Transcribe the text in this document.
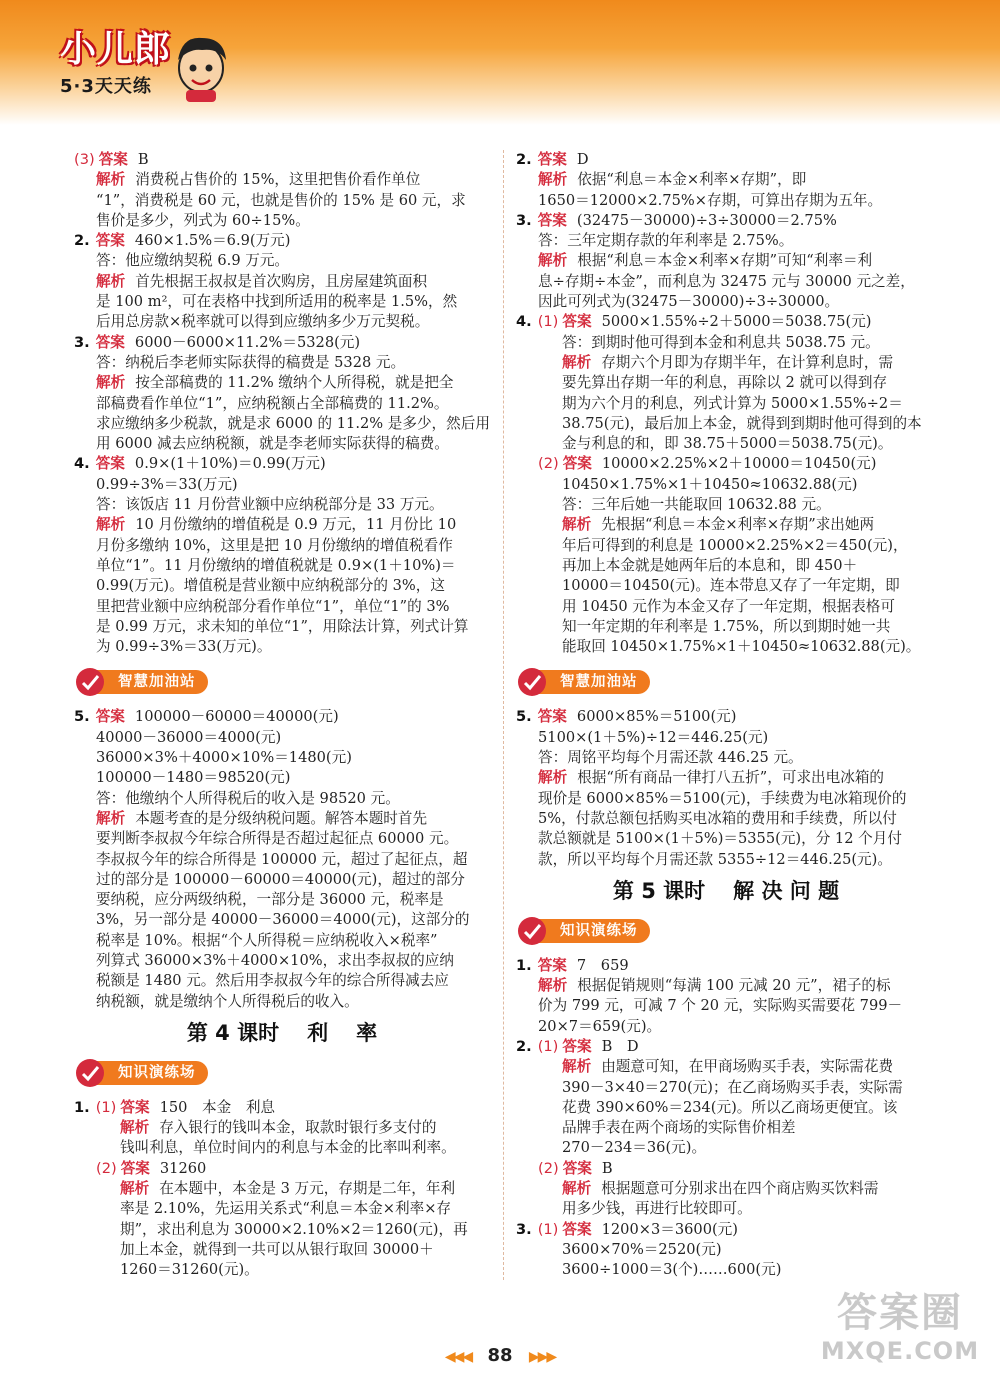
小儿郎
5·3天天练
(3) 答案 B
解析 消费税占售价的 15%，这里把售价看作单位
“1”，消费税是 60 元，也就是售价的 15% 是 60 元，求
售价是多少，列式为 60÷15%。
2. 答案 460×1.5%＝6.9(万元)
答：他应缴纳契税 6.9 万元。
解析 首先根据王叔叔是首次购房，且房屋建筑面积
是 100 m²，可在表格中找到所适用的税率是 1.5%，然
后用总房款×税率就可以得到应缴纳多少万元契税。
3. 答案 6000－6000×11.2%＝5328(元)
答：纳税后李老师实际获得的稿费是 5328 元。
解析 按全部稿费的 11.2% 缴纳个人所得税，就是把全
部稿费看作单位“1”，应纳税额占全部稿费的 11.2%。
求应缴纳多少税款，就是求 6000 的 11.2% 是多少，然后用
用 6000 减去应纳税额，就是李老师实际获得的稿费。
4. 答案 0.9×(1＋10%)＝0.99(万元)
0.99÷3%＝33(万元)
答：该饭店 11 月份营业额中应纳税部分是 33 万元。
解析 10 月份缴纳的增值税是 0.9 万元，11 月份比 10
月份多缴纳 10%，这里是把 10 月份缴纳的增值税看作
单位“1”。11 月份缴纳的增值税就是 0.9×(1＋10%)＝
0.99(万元)。增值税是营业额中应纳税部分的 3%，这
里把营业额中应纳税部分看作单位“1”，单位“1”的 3%
是 0.99 万元，求未知的单位“1”，用除法计算，列式计算
为 0.99÷3%＝33(万元)。
智慧加油站
5. 答案 100000－60000＝40000(元)
40000－36000＝4000(元)
36000×3%＋4000×10%＝1480(元)
100000－1480＝98520(元)
答：他缴纳个人所得税后的收入是 98520 元。
解析 本题考查的是分级纳税问题。解答本题时首先
要判断李叔叔今年综合所得是否超过起征点 60000 元。
李叔叔今年的综合所得是 100000 元，超过了起征点，超
过的部分是 100000－60000＝40000(元)，超过的部分
要纳税，应分两级纳税，一部分是 36000 元，税率是
3%，另一部分是 40000－36000＝4000(元)，这部分的
税率是 10%。根据“个人所得税＝应纳税收入×税率”
列算式 36000×3%＋4000×10%，求出李叔叔的应纳
税额是 1480 元。然后用李叔叔今年的综合所得减去应
纳税额，就是缴纳个人所得税后的收入。
第 4 课时 利 率
知识演练场
1. (1) 答案 150　本金　利息
解析 存入银行的钱叫本金，取款时银行多支付的
钱叫利息，单位时间内的利息与本金的比率叫利率。
(2) 答案 31260
解析 在本题中，本金是 3 万元，存期是二年，年利
率是 2.10%，先运用关系式“利息＝本金×利率×存
期”，求出利息为 30000×2.10%×2＝1260(元)，再
加上本金，就得到一共可以从银行取回 30000＋
1260＝31260(元)。
2. 答案 D
解析 依据“利息＝本金×利率×存期”，即
1650＝12000×2.75%×存期，可算出存期为五年。
3. 答案 (32475－30000)÷3÷30000＝2.75%
答：三年定期存款的年利率是 2.75%。
解析 根据“利息＝本金×利率×存期”可知“利率＝利
息÷存期÷本金”，而利息为 32475 元与 30000 元之差，
因此可列式为(32475－30000)÷3÷30000。
4. (1) 答案 5000×1.55%÷2＋5000＝5038.75(元)
答：到期时他可得到本金和利息共 5038.75 元。
解析 存期六个月即为存期半年，在计算利息时，需
要先算出存期一年的利息，再除以 2 就可以得到存
期为六个月的利息，列式计算为 5000×1.55%÷2＝
38.75(元)，最后加上本金，就得到到期时他可得到的本
金与利息的和，即 38.75＋5000＝5038.75(元)。
(2) 答案 10000×2.25%×2＋10000＝10450(元)
10450×1.75%×1＋10450≈10632.88(元)
答：三年后她一共能取回 10632.88 元。
解析 先根据“利息＝本金×利率×存期”求出她两
年后可得到的利息是 10000×2.25%×2＝450(元)，
再加上本金就是她两年后的本息和，即 450＋
10000＝10450(元)。连本带息又存了一年定期，即
用 10450 元作为本金又存了一年定期，根据表格可
知一年定期的年利率是 1.75%，所以到期时她一共
能取回 10450×1.75%×1＋10450≈10632.88(元)。
智慧加油站
5. 答案 6000×85%＝5100(元)
5100×(1＋5%)÷12＝446.25(元)
答：周铭平均每个月需还款 446.25 元。
解析 根据“所有商品一律打八五折”，可求出电冰箱的
现价是 6000×85%＝5100(元)，手续费为电冰箱现价的
5%，付款总额包括购买电冰箱的费用和手续费，所以付
款总额就是 5100×(1＋5%)＝5355(元)，分 12 个月付
款，所以平均每个月需还款 5355÷12＝446.25(元)。
第 5 课时 解 决 问 题
知识演练场
1. 答案 7　659
解析 根据促销规则“每满 100 元减 20 元”，裙子的标
价为 799 元，可减 7 个 20 元，实际购买需要花 799－
20×7＝659(元)。
2. (1) 答案 B　D
解析 由题意可知，在甲商场购买手表，实际需花费
390－3×40＝270(元)；在乙商场购买手表，实际需
花费 390×60%＝234(元)。所以乙商场更便宜。该
品牌手表在两个商场的实际售价相差
270－234＝36(元)。
(2) 答案 B
解析 根据题意可分别求出在四个商店购买饮料需
用多少钱，再进行比较即可。
3. (1) 答案 1200×3＝3600(元)
3600×70%＝2520(元)
3600÷1000＝3(个)……600(元)
◀◀◀ 88 ▶▶▶
答案圈
MXQE.COM
